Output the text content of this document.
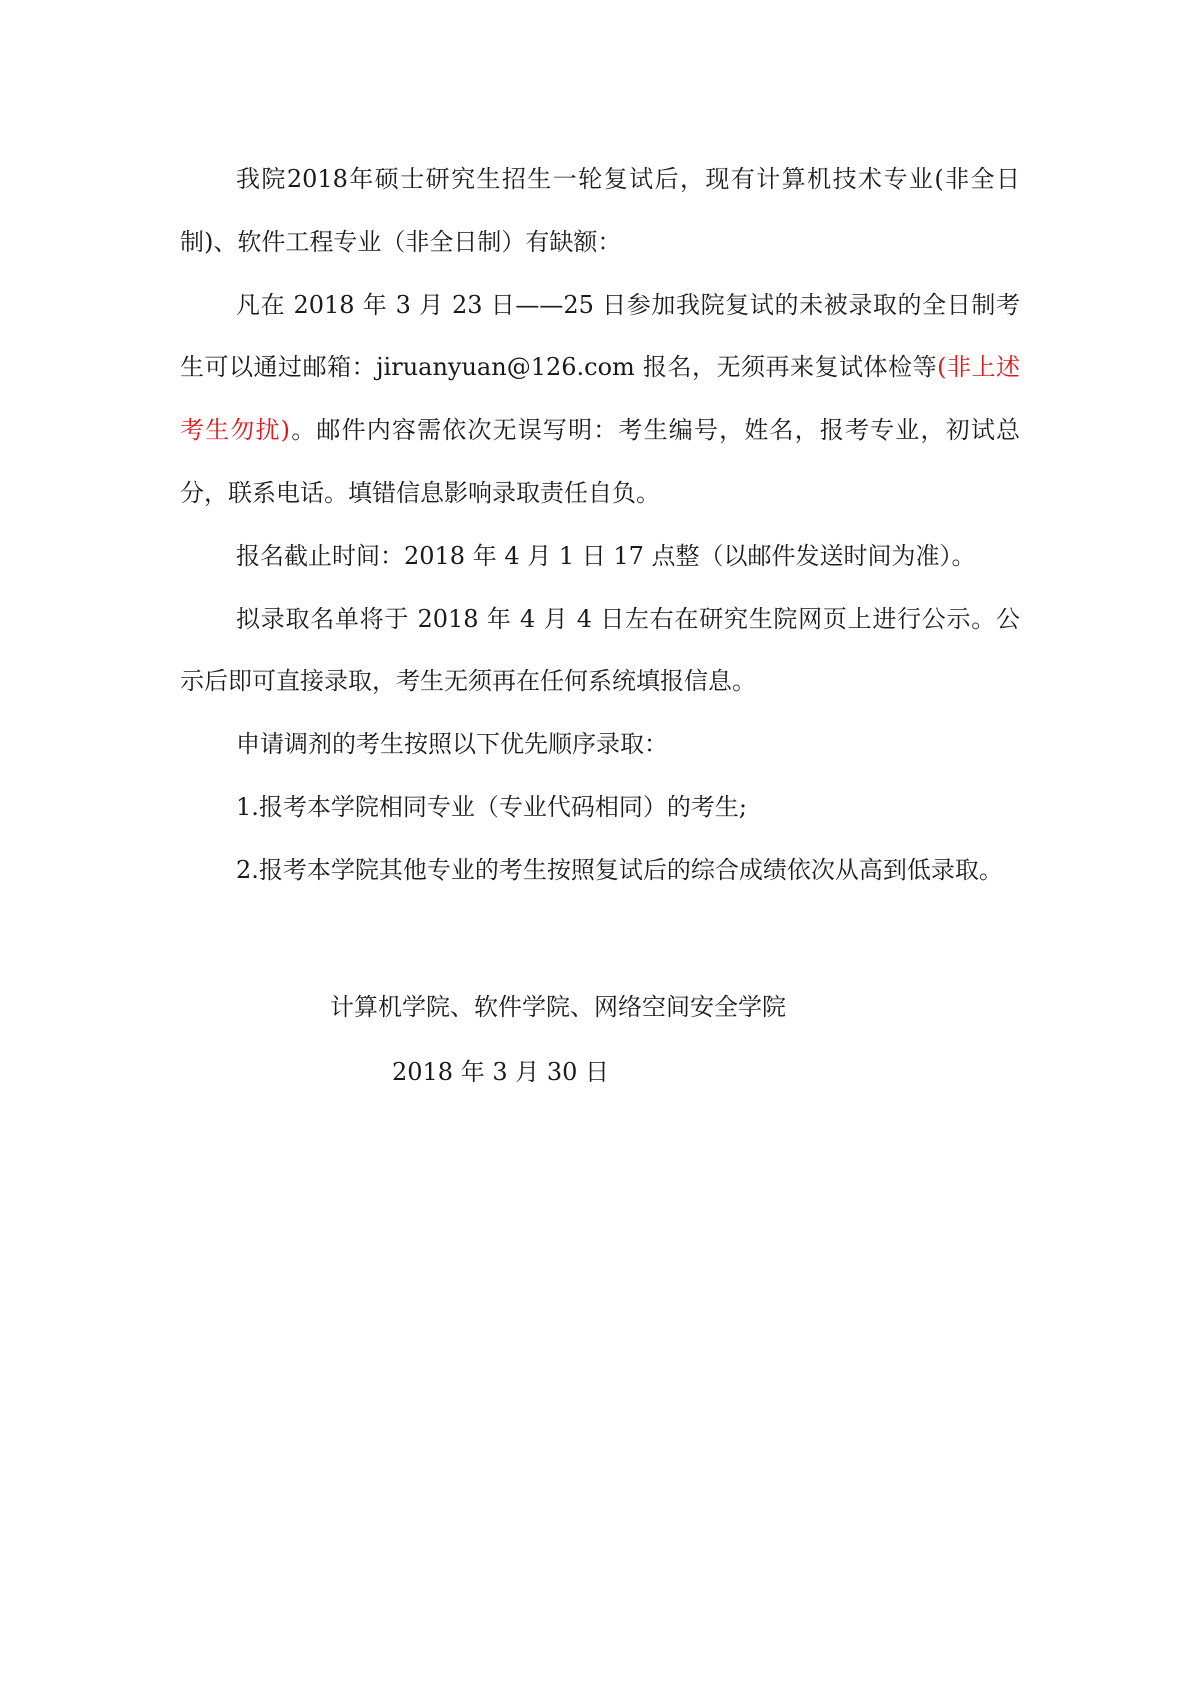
我院2018年硕士研究生招生一轮复试后，现有计算机技术专业(非全日制)、软件工程专业（非全日制）有缺额：

凡在 2018 年 3 月 23 日——25 日参加我院复试的未被录取的全日制考生可以通过邮箱：jiruanyuan@126.com 报名，无须再来复试体检等(非上述考生勿扰)。邮件内容需依次无误写明：考生编号，姓名，报考专业，初试总分，联系电话。填错信息影响录取责任自负。

报名截止时间：2018 年 4 月 1 日 17 点整（以邮件发送时间为准）。

拟录取名单将于 2018 年 4 月 4 日左右在研究生院网页上进行公示。公示后即可直接录取，考生无须再在任何系统填报信息。

申请调剂的考生按照以下优先顺序录取：

1.报考本学院相同专业（专业代码相同）的考生;

2.报考本学院其他专业的考生按照复试后的综合成绩依次从高到低录取。

计算机学院、软件学院、网络空间安全学院
2018 年 3 月 30 日
